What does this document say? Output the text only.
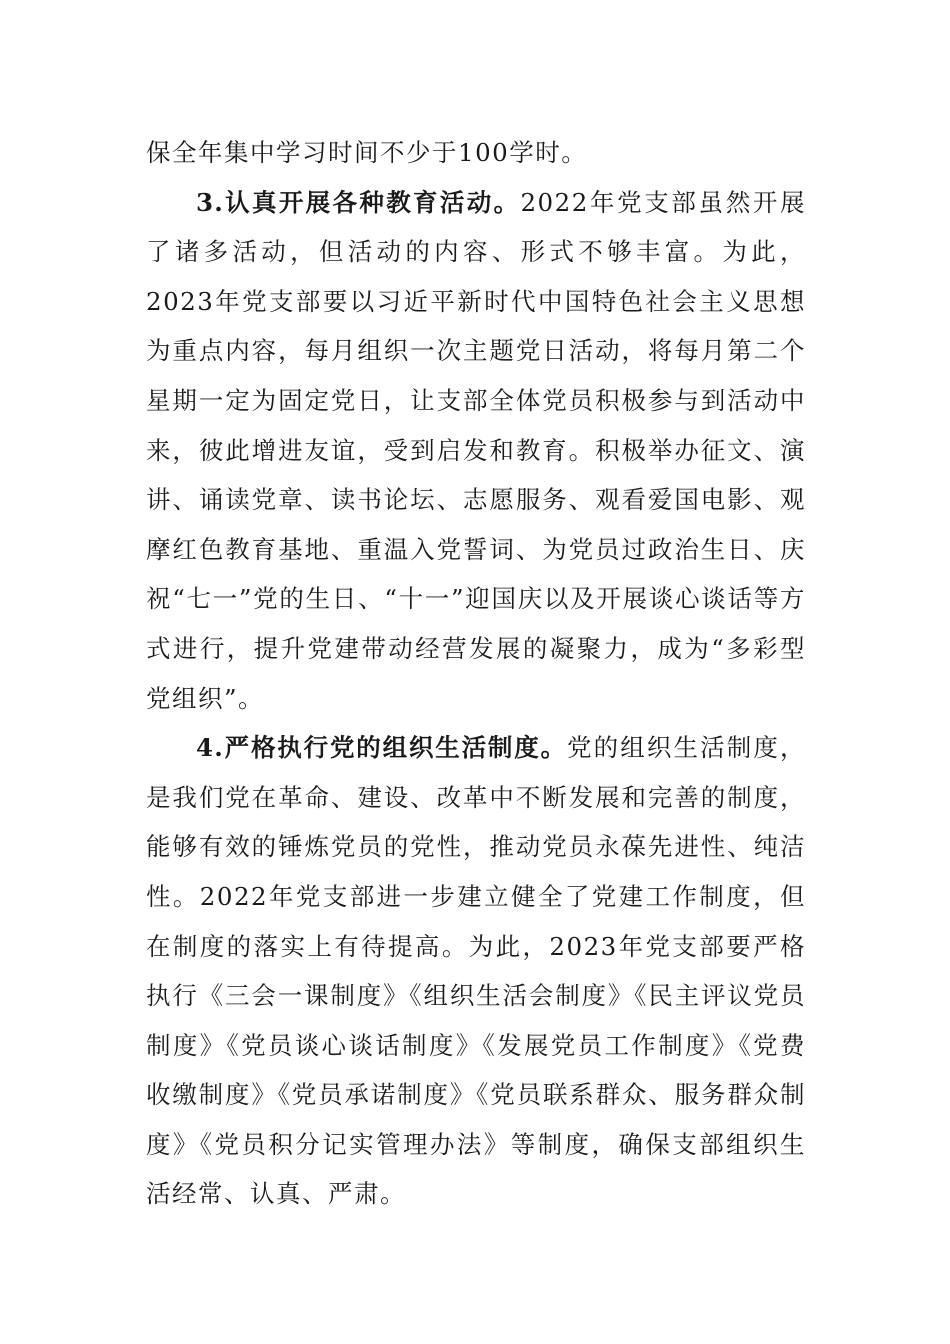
保全年集中学习时间不少于100学时。

3.认真开展各种教育活动。2022年党支部虽然开展了诸多活动，但活动的内容、形式不够丰富。为此，2023年党支部要以习近平新时代中国特色社会主义思想为重点内容，每月组织一次主题党日活动，将每月第二个星期一定为固定党日，让支部全体党员积极参与到活动中来，彼此增进友谊，受到启发和教育。积极举办征文、演讲、诵读党章、读书论坛、志愿服务、观看爱国电影、观摩红色教育基地、重温入党誓词、为党员过政治生日、庆祝“七一”党的生日、“十一”迎国庆以及开展谈心谈话等方式进行，提升党建带动经营发展的凝聚力，成为“多彩型党组织”。

4.严格执行党的组织生活制度。党的组织生活制度，是我们党在革命、建设、改革中不断发展和完善的制度，能够有效的锤炼党员的党性，推动党员永葆先进性、纯洁性。2022年党支部进一步建立健全了党建工作制度，但在制度的落实上有待提高。为此，2023年党支部要严格执行《三会一课制度》《组织生活会制度》《民主评议党员制度》《党员谈心谈话制度》《发展党员工作制度》《党费收缴制度》《党员承诺制度》《党员联系群众、服务群众制度》《党员积分记实管理办法》等制度，确保支部组织生活经常、认真、严肃。
